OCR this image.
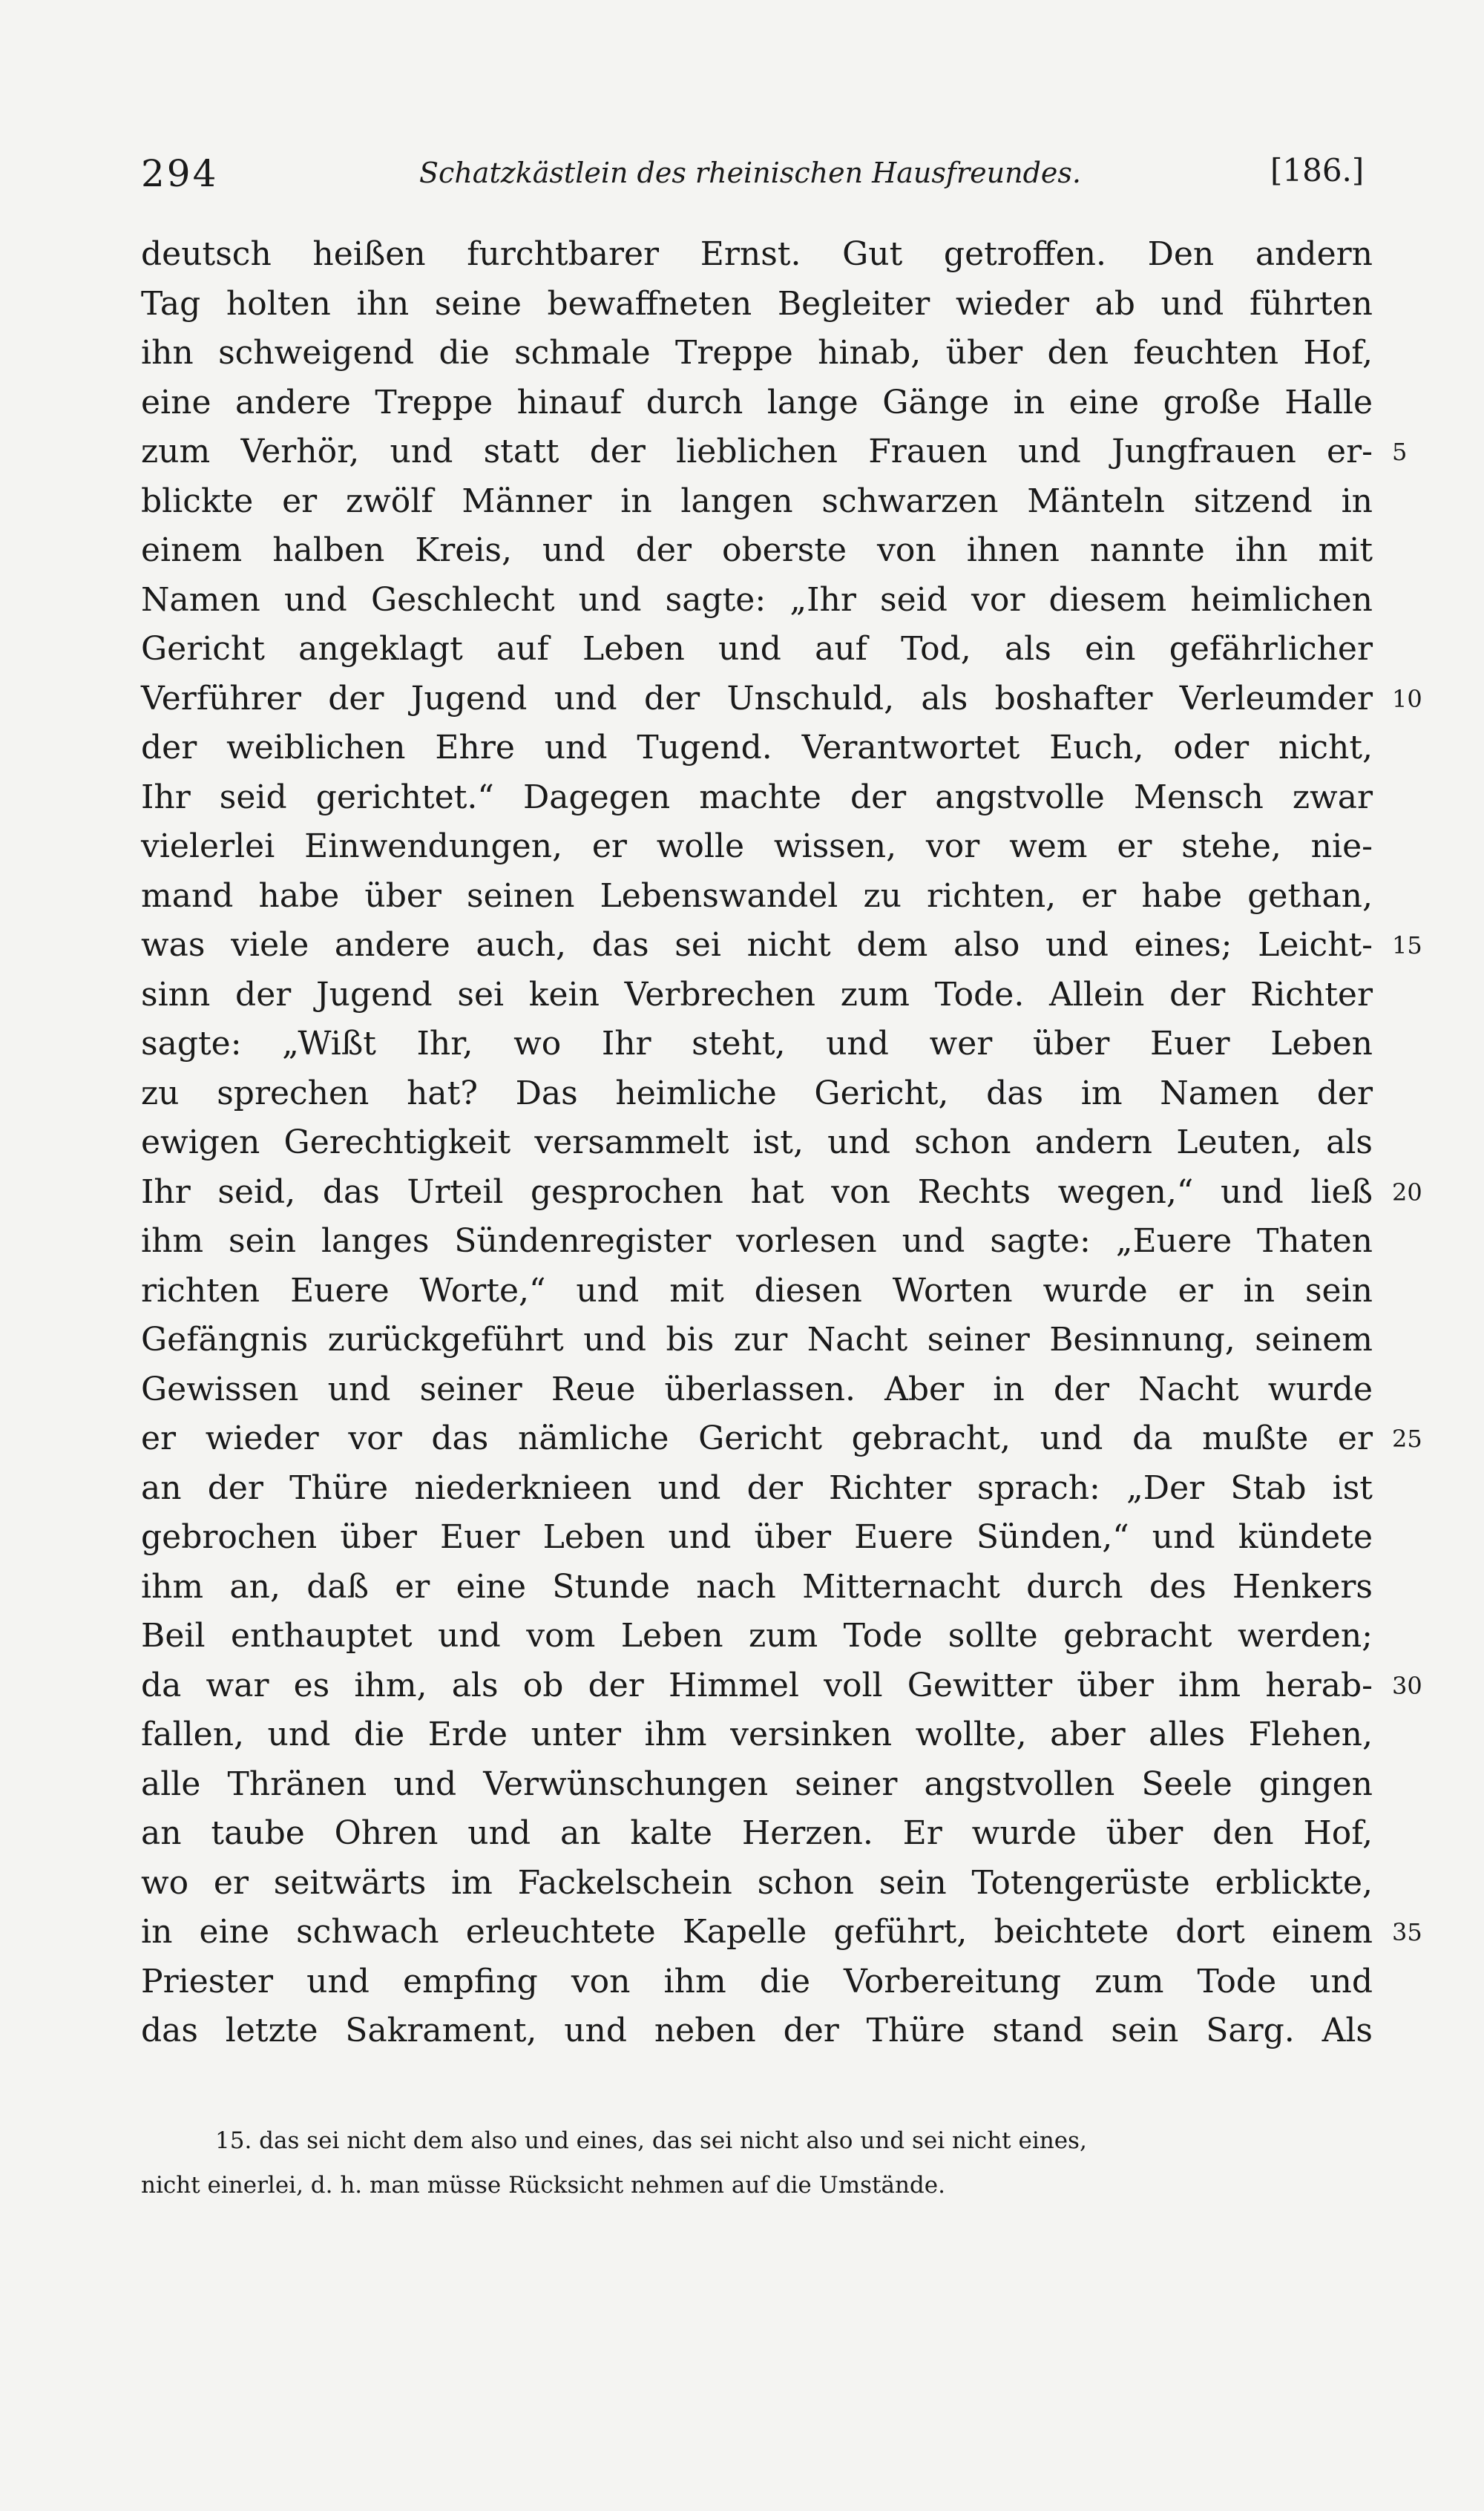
294	Schatzkästlein des rheinischen Hausfreundes.	[186.]
deutsch heißen furchtbarer Ernst. Gut getroffen. Den andern
Tag holten ihn seine bewaffneten Begleiter wieder ab und führten
ihn schweigend die schmale Treppe hinab, über den feuchten Hof,
eine andere Treppe hinauf durch lange Gänge in eine große Halle
zum Verhör, und statt der lieblichen Frauen und Jungfrauen er- 5
blickte er zwölf Männer in langen schwarzen Mänteln sitzend in
einem halben Kreis, und der oberste von ihnen nannte ihn mit
Namen und Geschlecht und sagte: „Ihr seid vor diesem heimlichen
Gericht angeklagt auf Leben und auf Tod, als ein gefährlicher
Verführer der Jugend und der Unschuld, als boshafter Verleumder 10
der weiblichen Ehre und Tugend. Verantwortet Euch, oder nicht,
Ihr seid gerichtet.“ Dagegen machte der angstvolle Mensch zwar
vielerlei Einwendungen, er wolle wissen, vor wem er stehe, nie-
mand habe über seinen Lebenswandel zu richten, er habe gethan,
was viele andere auch, das sei nicht dem also und eines; Leicht- 15
sinn der Jugend sei kein Verbrechen zum Tode. Allein der Richter
sagte: „Wißt Ihr, wo Ihr steht, und wer über Euer Leben
zu sprechen hat? Das heimliche Gericht, das im Namen der
ewigen Gerechtigkeit versammelt ist, und schon andern Leuten, als
Ihr seid, das Urteil gesprochen hat von Rechts wegen,“ und ließ 20
ihm sein langes Sündenregister vorlesen und sagte: „Euere Thaten
richten Euere Worte,“ und mit diesen Worten wurde er in sein
Gefängnis zurückgeführt und bis zur Nacht seiner Besinnung, seinem
Gewissen und seiner Reue überlassen. Aber in der Nacht wurde
er wieder vor das nämliche Gericht gebracht, und da mußte er 25
an der Thüre niederknieen und der Richter sprach: „Der Stab ist
gebrochen über Euer Leben und über Euere Sünden,“ und kündete
ihm an, daß er eine Stunde nach Mitternacht durch des Henkers
Beil enthauptet und vom Leben zum Tode sollte gebracht werden;
da war es ihm, als ob der Himmel voll Gewitter über ihm herab- 30
fallen, und die Erde unter ihm versinken wollte, aber alles Flehen,
alle Thränen und Verwünschungen seiner angstvollen Seele gingen
an taube Ohren und an kalte Herzen. Er wurde über den Hof,
wo er seitwärts im Fackelschein schon sein Totengerüste erblickte,
in eine schwach erleuchtete Kapelle geführt, beichtete dort einem 35
Priester und empfing von ihm die Vorbereitung zum Tode und
das letzte Sakrament, und neben der Thüre stand sein Sarg. Als
15. das sei nicht dem also und eines, das sei nicht also und sei nicht eines,
nicht einerlei, d. h. man müsse Rücksicht nehmen auf die Umstände.
